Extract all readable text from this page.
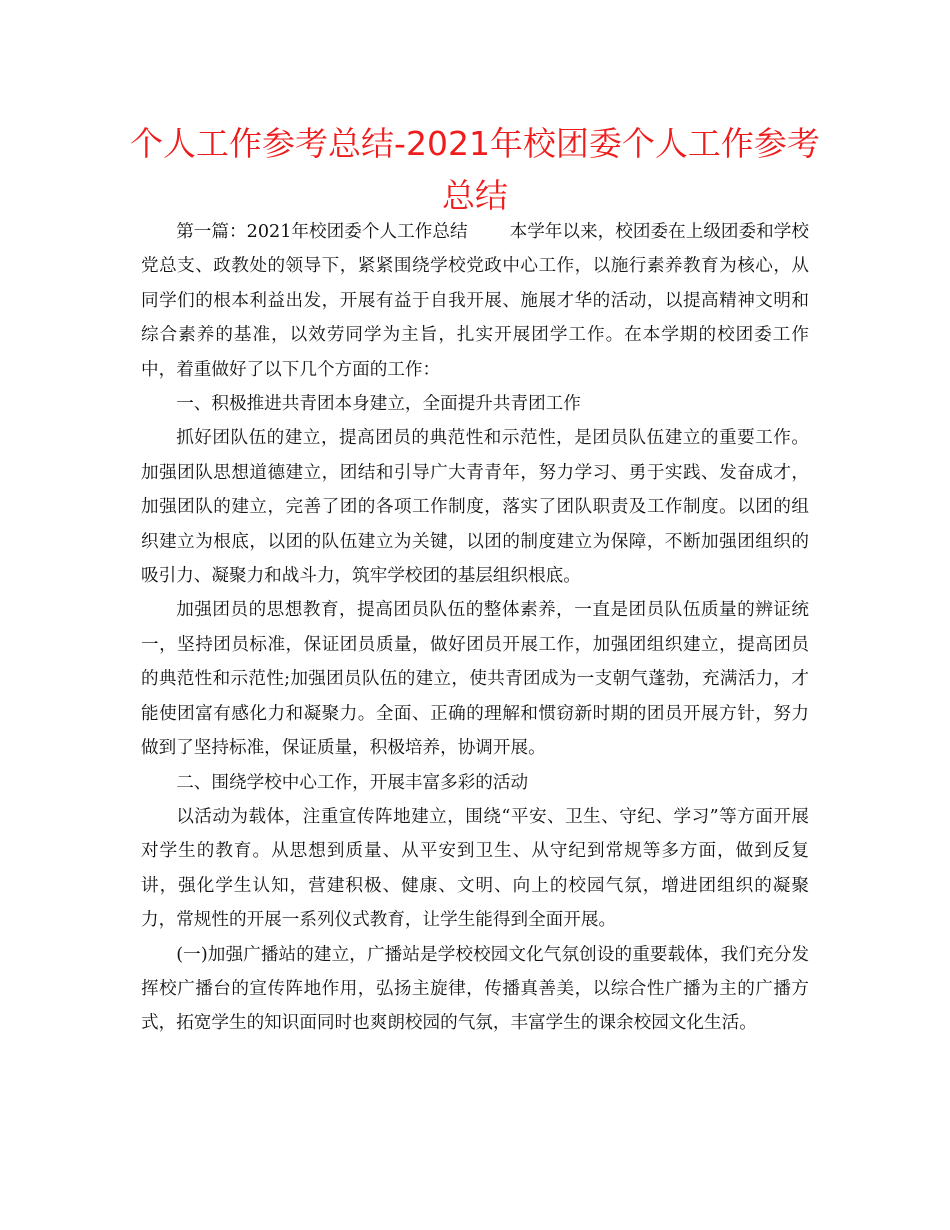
个人工作参考总结-2021年校团委个人工作参考总结

第一篇：2021年校团委个人工作总结 本学年以来，校团委在上级团委和学校党总支、政教处的领导下，紧紧围绕学校党政中心工作，以施行素养教育为核心，从同学们的根本利益出发，开展有益于自我开展、施展才华的活动，以提高精神文明和综合素养的基准，以效劳同学为主旨，扎实开展团学工作。在本学期的校团委工作中，着重做好了以下几个方面的工作：

一、积极推进共青团本身建立，全面提升共青团工作

抓好团队伍的建立，提高团员的典范性和示范性，是团员队伍建立的重要工作。加强团队思想道德建立，团结和引导广大青青年，努力学习、勇于实践、发奋成才，加强团队的建立，完善了团的各项工作制度，落实了团队职责及工作制度。以团的组织建立为根底，以团的队伍建立为关键，以团的制度建立为保障，不断加强团组织的吸引力、凝聚力和战斗力，筑牢学校团的基层组织根底。

加强团员的思想教育，提高团员队伍的整体素养，一直是团员队伍质量的辨证统一，坚持团员标准，保证团员质量，做好团员开展工作，加强团组织建立，提高团员的典范性和示范性;加强团员队伍的建立，使共青团成为一支朝气蓬勃，充满活力，才能使团富有感化力和凝聚力。全面、正确的理解和惯窃新时期的团员开展方针，努力做到了坚持标准，保证质量，积极培养，协调开展。

二、围绕学校中心工作，开展丰富多彩的活动

以活动为载体，注重宣传阵地建立，围绕“平安、卫生、守纪、学习”等方面开展对学生的教育。从思想到质量、从平安到卫生、从守纪到常规等多方面，做到反复讲，强化学生认知，营建积极、健康、文明、向上的校园气氛，增进团组织的凝聚力，常规性的开展一系列仪式教育，让学生能得到全面开展。

(一)加强广播站的建立，广播站是学校校园文化气氛创设的重要载体，我们充分发挥校广播台的宣传阵地作用，弘扬主旋律，传播真善美，以综合性广播为主的广播方式，拓宽学生的知识面同时也爽朗校园的气氛，丰富学生的课余校园文化生活。
